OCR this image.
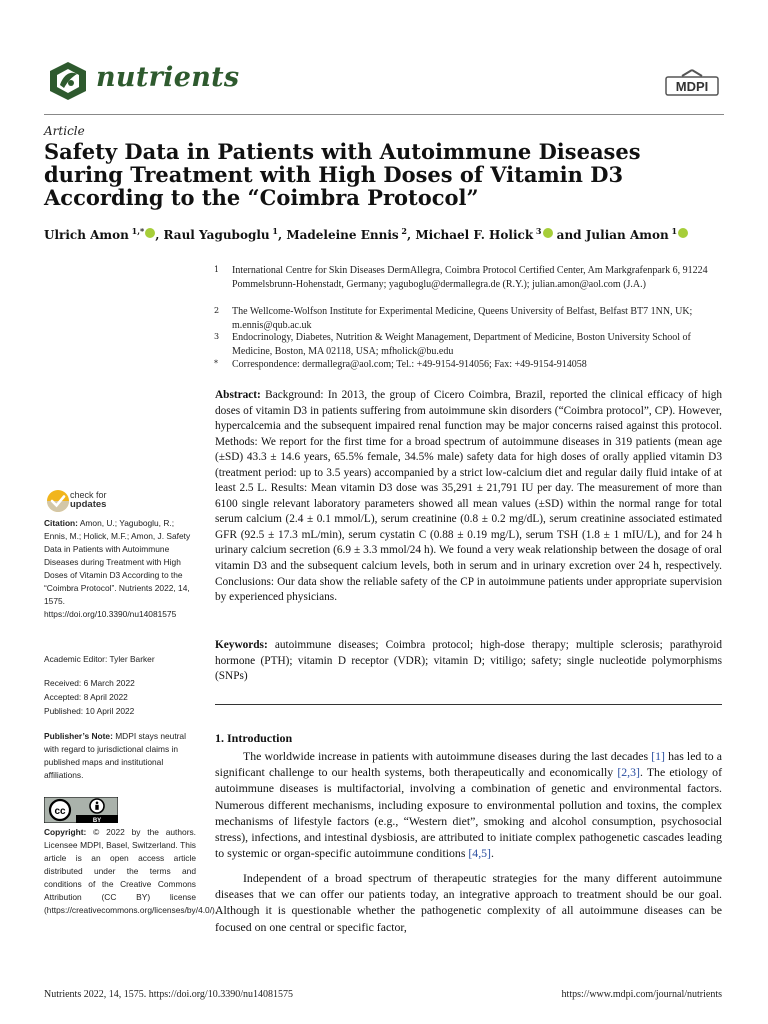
nutrients	MDPI
Article
Safety Data in Patients with Autoimmune Diseases during Treatment with High Doses of Vitamin D3 According to the “Coimbra Protocol”
Ulrich Amon $^{1,*}$ , Raul Yaguboglu $^1$, Madeleine Ennis $^2$, Michael F. Holick $^3$ and Julian Amon $^1$
1 International Centre for Skin Diseases DermAllegra, Coimbra Protocol Certified Center, Am Markgrafenpark 6, 91224 Pommelsbrunn-Hohenstadt, Germany; yaguboglu@dermallegra.de (R.Y.); julian.amon@aol.com (J.A.)
2 The Wellcome-Wolfson Institute for Experimental Medicine, Queens University of Belfast, Belfast BT7 1NN, UK; m.ennis@qub.ac.uk
3 Endocrinology, Diabetes, Nutrition & Weight Management, Department of Medicine, Boston University School of Medicine, Boston, MA 02118, USA; mfholick@bu.edu
* Correspondence: dermallegra@aol.com; Tel.: +49-9154-914056; Fax: +49-9154-914058
Abstract: Background: In 2013, the group of Cicero Coimbra, Brazil, reported the clinical efficacy of high doses of vitamin D3 in patients suffering from autoimmune skin disorders (“Coimbra protocol”, CP). However, hypercalcemia and the subsequent impaired renal function may be major concerns raised against this protocol. Methods: We report for the first time for a broad spectrum of autoimmune diseases in 319 patients (mean age (±SD) 43.3 ± 14.6 years, 65.5% female, 34.5% male) safety data for high doses of orally applied vitamin D3 (treatment period: up to 3.5 years) accompanied by a strict low-calcium diet and regular daily fluid intake of at least 2.5 L. Results: Mean vitamin D3 dose was 35,291 ± 21,791 IU per day. The measurement of more than 6100 single relevant laboratory parameters showed all mean values (±SD) within the normal range for total serum calcium (2.4 ± 0.1 mmol/L), serum creatinine (0.8 ± 0.2 mg/dL), serum creatinine associated estimated GFR (92.5 ± 17.3 mL/min), serum cystatin C (0.88 ± 0.19 mg/L), serum TSH (1.8 ± 1 mIU/L), and for 24 h urinary calcium secretion (6.9 ± 3.3 mmol/24 h). We found a very weak relationship between the dosage of oral vitamin D3 and the subsequent calcium levels, both in serum and in urinary excretion over 24 h, respectively. Conclusions: Our data show the reliable safety of the CP in autoimmune patients under appropriate supervision by experienced physicians.
Keywords: autoimmune diseases; Coimbra protocol; high-dose therapy; multiple sclerosis; parathyroid hormone (PTH); vitamin D receptor (VDR); vitamin D; vitiligo; safety; single nucleotide polymorphisms (SNPs)
1. Introduction
The worldwide increase in patients with autoimmune diseases during the last decades [1] has led to a significant challenge to our health systems, both therapeutically and economically [2,3]. The etiology of autoimmune diseases is multifactorial, involving a combination of genetic and environmental factors. Numerous different mechanisms, including exposure to environmental pollution and toxins, the complex mechanisms of lifestyle factors (e.g., “Western diet”, smoking and alcohol consumption, psychosocial stress), infections, and intestinal dysbiosis, are attributed to initiate complex pathogenetic cascades leading to systemic or organ-specific autoimmune conditions [4,5].
Independent of a broad spectrum of therapeutic strategies for the many different autoimmune diseases that we can offer our patients today, an integrative approach to treatment should be our goal. Although it is questionable whether the pathogenetic complexity of all autoimmune diseases can be focused on one central or specific factor,
check for
updates
Citation: Amon, U.; Yaguboglu, R.; Ennis, M.; Holick, M.F.; Amon, J. Safety Data in Patients with Autoimmune Diseases during Treatment with High Doses of Vitamin D3 According to the “Coimbra Protocol”. Nutrients 2022, 14, 1575. https://doi.org/10.3390/nu14081575
Academic Editor: Tyler Barker
Received: 6 March 2022
Accepted: 8 April 2022
Published: 10 April 2022
Publisher’s Note: MDPI stays neutral with regard to jurisdictional claims in published maps and institutional affiliations.
cc
BY
Copyright: © 2022 by the authors. Licensee MDPI, Basel, Switzerland. This article is an open access article distributed under the terms and conditions of the Creative Commons Attribution (CC BY) license (https://creativecommons.org/licenses/by/4.0/).
Nutrients 2022, 14, 1575. https://doi.org/10.3390/nu14081575	https://www.mdpi.com/journal/nutrients
